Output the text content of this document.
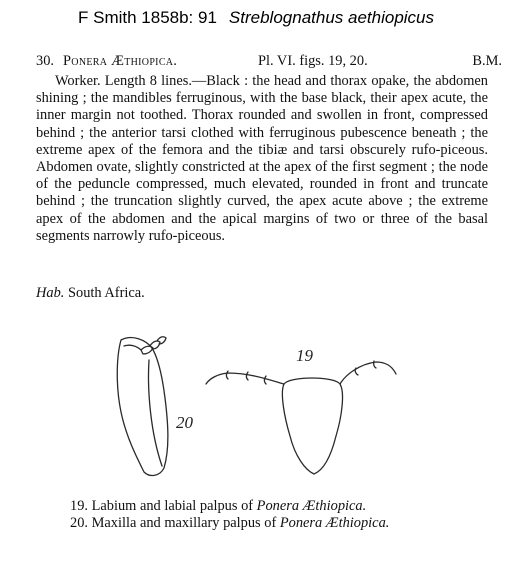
F Smith 1858b: 91 Streblognathus aethiopicus
30. Ponera Æthiopica.	Pl. VI. figs. 19, 20.	B.M.

Worker. Length 8 lines.—Black : the head and thorax opake, the abdomen shining ; the mandibles ferruginous, with the base black, their apex acute, the inner margin not toothed. Thorax rounded and swollen in front, compressed behind ; the anterior tarsi clothed with ferruginous pubescence beneath ; the extreme apex of the femora and the tibiæ and tarsi obscurely rufo-piceous. Abdomen ovate, slightly constricted at the apex of the first segment ; the node of the peduncle compressed, much elevated, rounded in front and truncate behind ; the truncation slightly curved, the apex acute above ; the extreme apex of the abdomen and the apical margins of two or three of the basal segments narrowly rufo-piceous.

Hab. South Africa.
20
19
19. Labium and labial palpus of Ponera Æthiopica.
20. Maxilla and maxillary palpus of Ponera Æthiopica.
